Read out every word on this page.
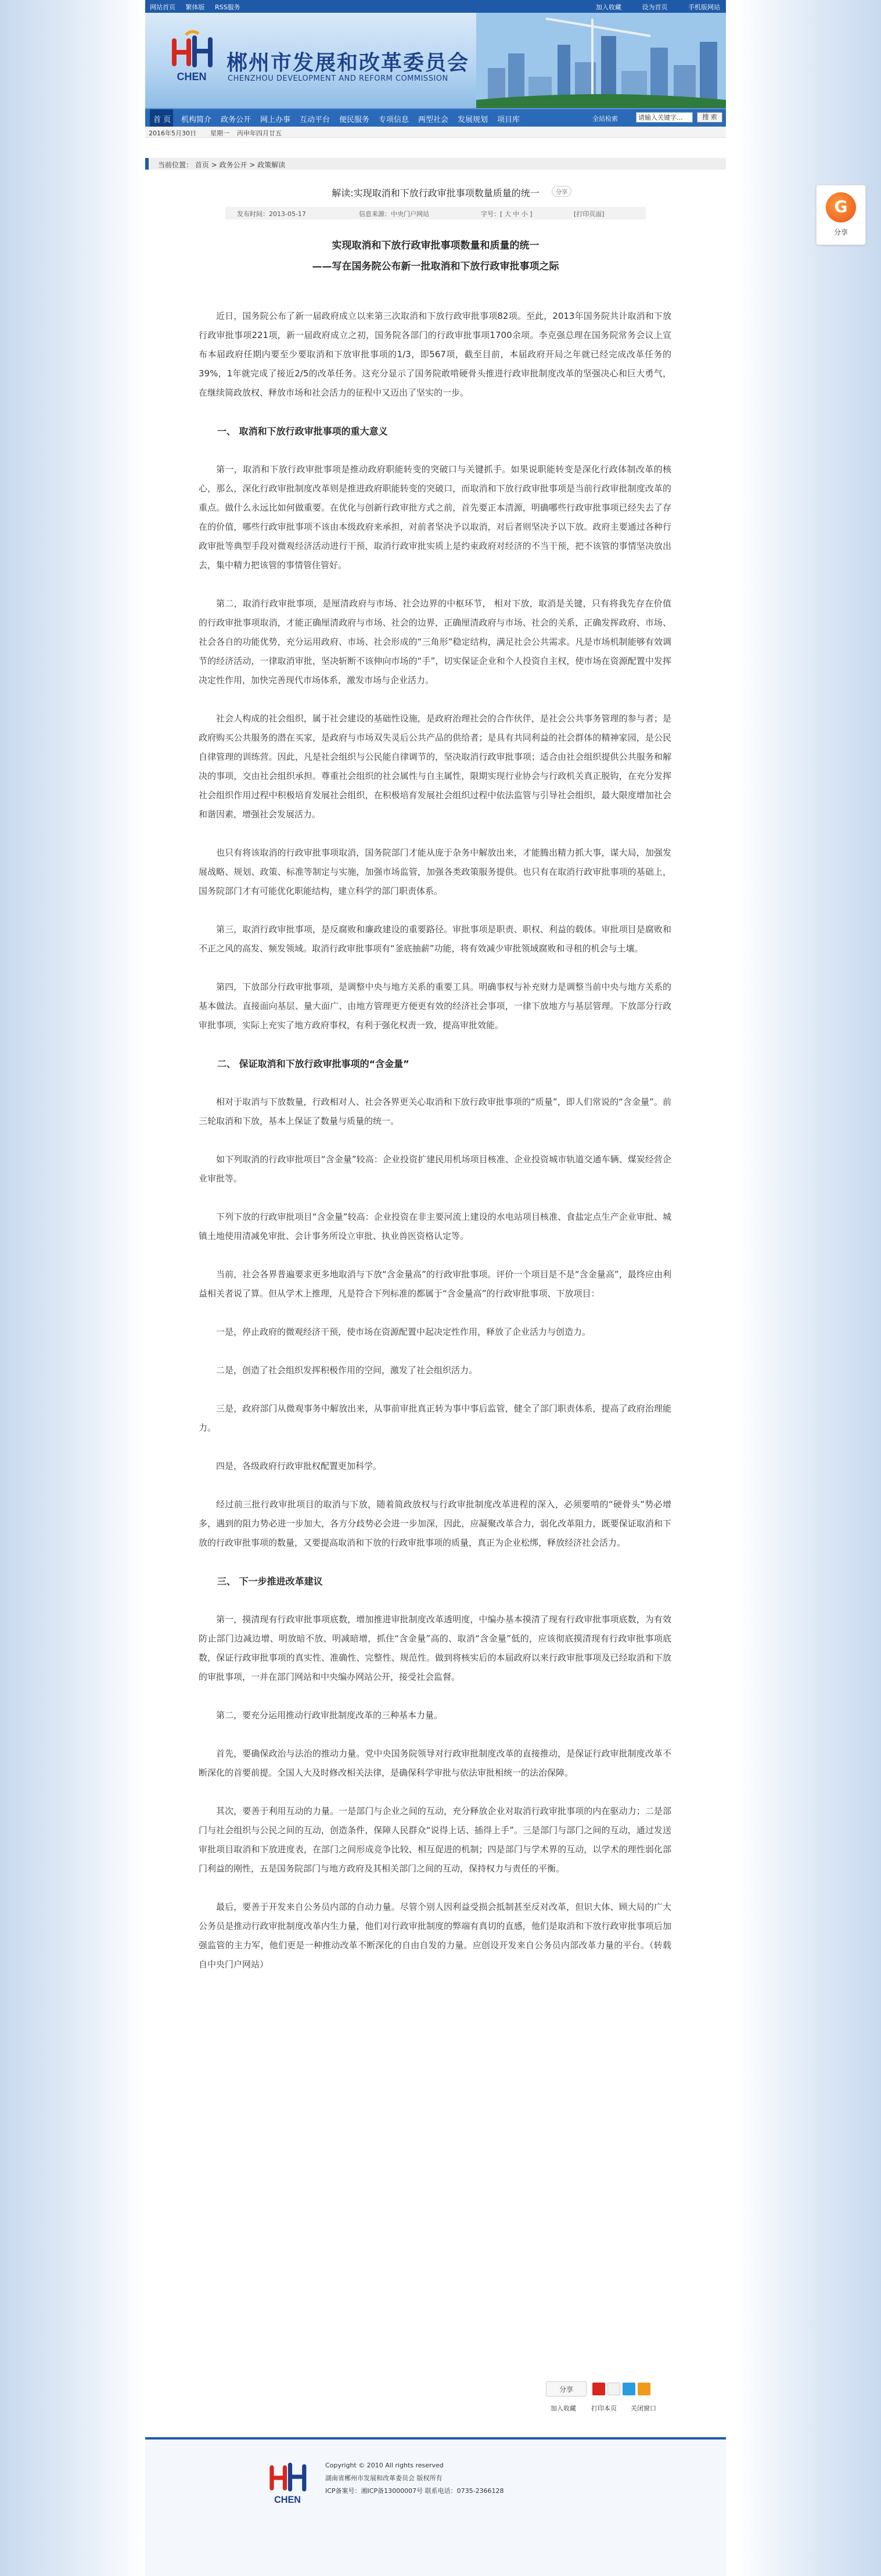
网站首页 繁体版 RSS服务	加入收藏	设为首页	手机版网站
CHEN
郴州市发展和改革委员会
CHENZHOU DEVELOPMENT AND REFORM COMMISSION
首 页 机构简介 政务公开 网上办事 互动平台 便民服务 专项信息 两型社会 发展规划 项目库	全站检索	请输入关键字...	搜 索
2016年5月30日 星期一 丙申年四月廿五
当前位置： 首页 > 政务公开 > 政策解读
解读:实现取消和下放行政审批事项数量质量的统一	分享
发布时间：2013-05-17	信息来源：中央门户网站	字号：[ 大 中 小 ]	[打印页面]
实现取消和下放行政审批事项数量和质量的统一
——写在国务院公布新一批取消和下放行政审批事项之际

近日，国务院公布了新一届政府成立以来第三次取消和下放行政审批事项82项。至此，2013年国务院共计取消和下放行政审批事项221项，新一届政府成立之初，国务院各部门的行政审批事项1700余项。李克强总理在国务院常务会议上宣布本届政府任期内要至少要取消和下放审批事项的1/3，即567项，截至目前，本届政府开局之年就已经完成改革任务的39%，1年就完成了接近2/5的改革任务。这充分显示了国务院敢啃硬骨头推进行政审批制度改革的坚强决心和巨大勇气，在继续简政放权、释放市场和社会活力的征程中又迈出了坚实的一步。

一、 取消和下放行政审批事项的重大意义

第一，取消和下放行政审批事项是推动政府职能转变的突破口与关键抓手。如果说职能转变是深化行政体制改革的核心，那么，深化行政审批制度改革则是推进政府职能转变的突破口，而取消和下放行政审批事项是当前行政审批制度改革的重点。做什么永远比如何做重要。在优化与创新行政审批方式之前，首先要正本清源，明确哪些行政审批事项已经失去了存在的价值，哪些行政审批事项不该由本级政府来承担，对前者坚决予以取消，对后者则坚决予以下放。政府主要通过各种行政审批等典型手段对微观经济活动进行干预，取消行政审批实质上是约束政府对经济的不当干预，把不该管的事情坚决放出去，集中精力把该管的事情管住管好。

第二，取消行政审批事项，是厘清政府与市场、社会边界的中枢环节， 相对下放，取消是关键，只有将我先存在价值的行政审批事项取消，才能正确厘清政府与市场、社会的边界，正确厘清政府与市场、社会的关系，正确发挥政府、市场、社会各自的功能优势，充分运用政府、市场、社会形成的“三角形”稳定结构，满足社会公共需求。凡是市场机制能够有效调节的经济活动，一律取消审批，坚决斩断不该伸向市场的“手”，切实保证企业和个人投资自主权，使市场在资源配置中发挥决定性作用，加快完善现代市场体系，激发市场与企业活力。

社会人构成的社会组织，属于社会建设的基础性设施，是政府治理社会的合作伙伴，是社会公共事务管理的参与者；是政府购买公共服务的潜在买家，是政府与市场双失灵后公共产品的供给者；是具有共同利益的社会群体的精神家园，是公民自律管理的训练营。因此，凡是社会组织与公民能自律调节的，坚决取消行政审批事项；适合由社会组织提供公共服务和解决的事项，交由社会组织承担。尊重社会组织的社会属性与自主属性，限期实现行业协会与行政机关真正脱钩，在充分发挥社会组织作用过程中积极培育发展社会组织，在积极培育发展社会组织过程中依法监管与引导社会组织，最大限度增加社会和谐因素，增强社会发展活力。

也只有将该取消的行政审批事项取消，国务院部门才能从庞于杂务中解放出来，才能腾出精力抓大事，谋大局，加强发展战略、规划、政策、标准等制定与实施，加强市场监管，加强各类政策服务提供。也只有在取消行政审批事项的基础上，国务院部门才有可能优化职能结构，建立科学的部门职责体系。

第三，取消行政审批事项，是反腐败和廉政建设的重要路径。审批事项是职责、职权、利益的载体。审批项目是腐败和不正之风的高发、频发领域。取消行政审批事项有“釜底抽薪”功能，将有效减少审批领域腐败和寻租的机会与土壤。

第四，下放部分行政审批事项，是调整中央与地方关系的重要工具。明确事权与补充财力是调整当前中央与地方关系的基本做法。直接面向基层、量大面广、由地方管理更方便更有效的经济社会事项，一律下放地方与基层管理。下放部分行政审批事项，实际上充实了地方政府事权，有利于强化权责一致，提高审批效能。

二、 保证取消和下放行政审批事项的“含金量”

相对于取消与下放数量，行政相对人、社会各界更关心取消和下放行政审批事项的“质量”，即人们常说的“含金量”。前三轮取消和下放，基本上保证了数量与质量的统一。

如下列取消的行政审批项目“含金量”较高：企业投资扩建民用机场项目核准、企业投资城市轨道交通车辆、煤炭经营企业审批等。

下列下放的行政审批项目“含金量”较高：企业投资在非主要河流上建设的水电站项目核准、食盐定点生产企业审批、城镇土地使用清减免审批、会计事务所设立审批、执业兽医资格认定等。

当前，社会各界普遍要求更多地取消与下放“含金量高”的行政审批事项。评价一个项目是不是“含金量高”，最终应由利益相关者说了算。但从学术上推理，凡是符合下列标准的都属于“含金量高”的行政审批事项、下放项目：

一是，停止政府的微观经济干预，使市场在资源配置中起决定性作用，释放了企业活力与创造力。

二是，创造了社会组织发挥积极作用的空间，激发了社会组织活力。

三是，政府部门从微观事务中解放出来，从事前审批真正转为事中事后监管，健全了部门职责体系，提高了政府治理能力。

四是，各级政府行政审批权配置更加科学。

经过前三批行政审批项目的取消与下放，随着简政放权与行政审批制度改革进程的深入，必须要啃的“硬骨头”势必增多，遇到的阻力势必进一步加大，各方分歧势必会进一步加深，因此，应凝聚改革合力，弱化改革阻力，既要保证取消和下放的行政审批事项的数量，又要提高取消和下放的行政审批事项的质量，真正为企业松绑，释放经济社会活力。

三、 下一步推进改革建议

第一，摸清现有行政审批事项底数，增加推进审批制度改革透明度，中编办基本摸清了现有行政审批事项底数，为有效防止部门边减边增、明放暗不放、明减暗增，抓住“含金量”高的、取消“含金量”低的，应该彻底摸清现有行政审批事项底数，保证行政审批事项的真实性、准确性、完整性、规范性。做到将核实后的本届政府以来行政审批事项及已经取消和下放的审批事项，一并在部门网站和中央编办网站公开，接受社会监督。

第二，要充分运用推动行政审批制度改革的三种基本力量。

首先，要确保政治与法治的推动力量。党中央国务院领导对行政审批制度改革的直接推动，是保证行政审批制度改革不断深化的首要前提。全国人大及时修改相关法律，是确保科学审批与依法审批相统一的法治保障。

其次，要善于利用互动的力量。一是部门与企业之间的互动，充分释放企业对取消行政审批事项的内在驱动力；二是部门与社会组织与公民之间的互动，创造条件，保障人民群众“说得上话、插得上手”。三是部门与部门之间的互动，通过发送审批项目取消和下放进度表，在部门之间形成竞争比较、相互促进的机制；四是部门与学术界的互动，以学术的理性弱化部门利益的刚性，五是国务院部门与地方政府及其相关部门之间的互动，保持权力与责任的平衡。

最后，要善于开发来自公务员内部的自动力量。尽管个别人因利益受损会抵制甚至反对改革，但识大体、顾大局的广大公务员是推动行政审批制度改革内生力量，他们对行政审批制度的弊端有真切的直感，他们是取消和下放行政审批事项后加强监管的主力军，他们更是一种推动改革不断深化的自由自发的力量。应创设开发来自公务员内部改革力量的平台。（转载自中央门户网站）

分享
加入收藏 打印本页 关闭窗口
CHEN
Copyright © 2010 All rights reserved
湖南省郴州市发展和改革委员会 版权所有
ICP备案号：湘ICP备13000007号 联系电话：0735-2366128
G
分享
